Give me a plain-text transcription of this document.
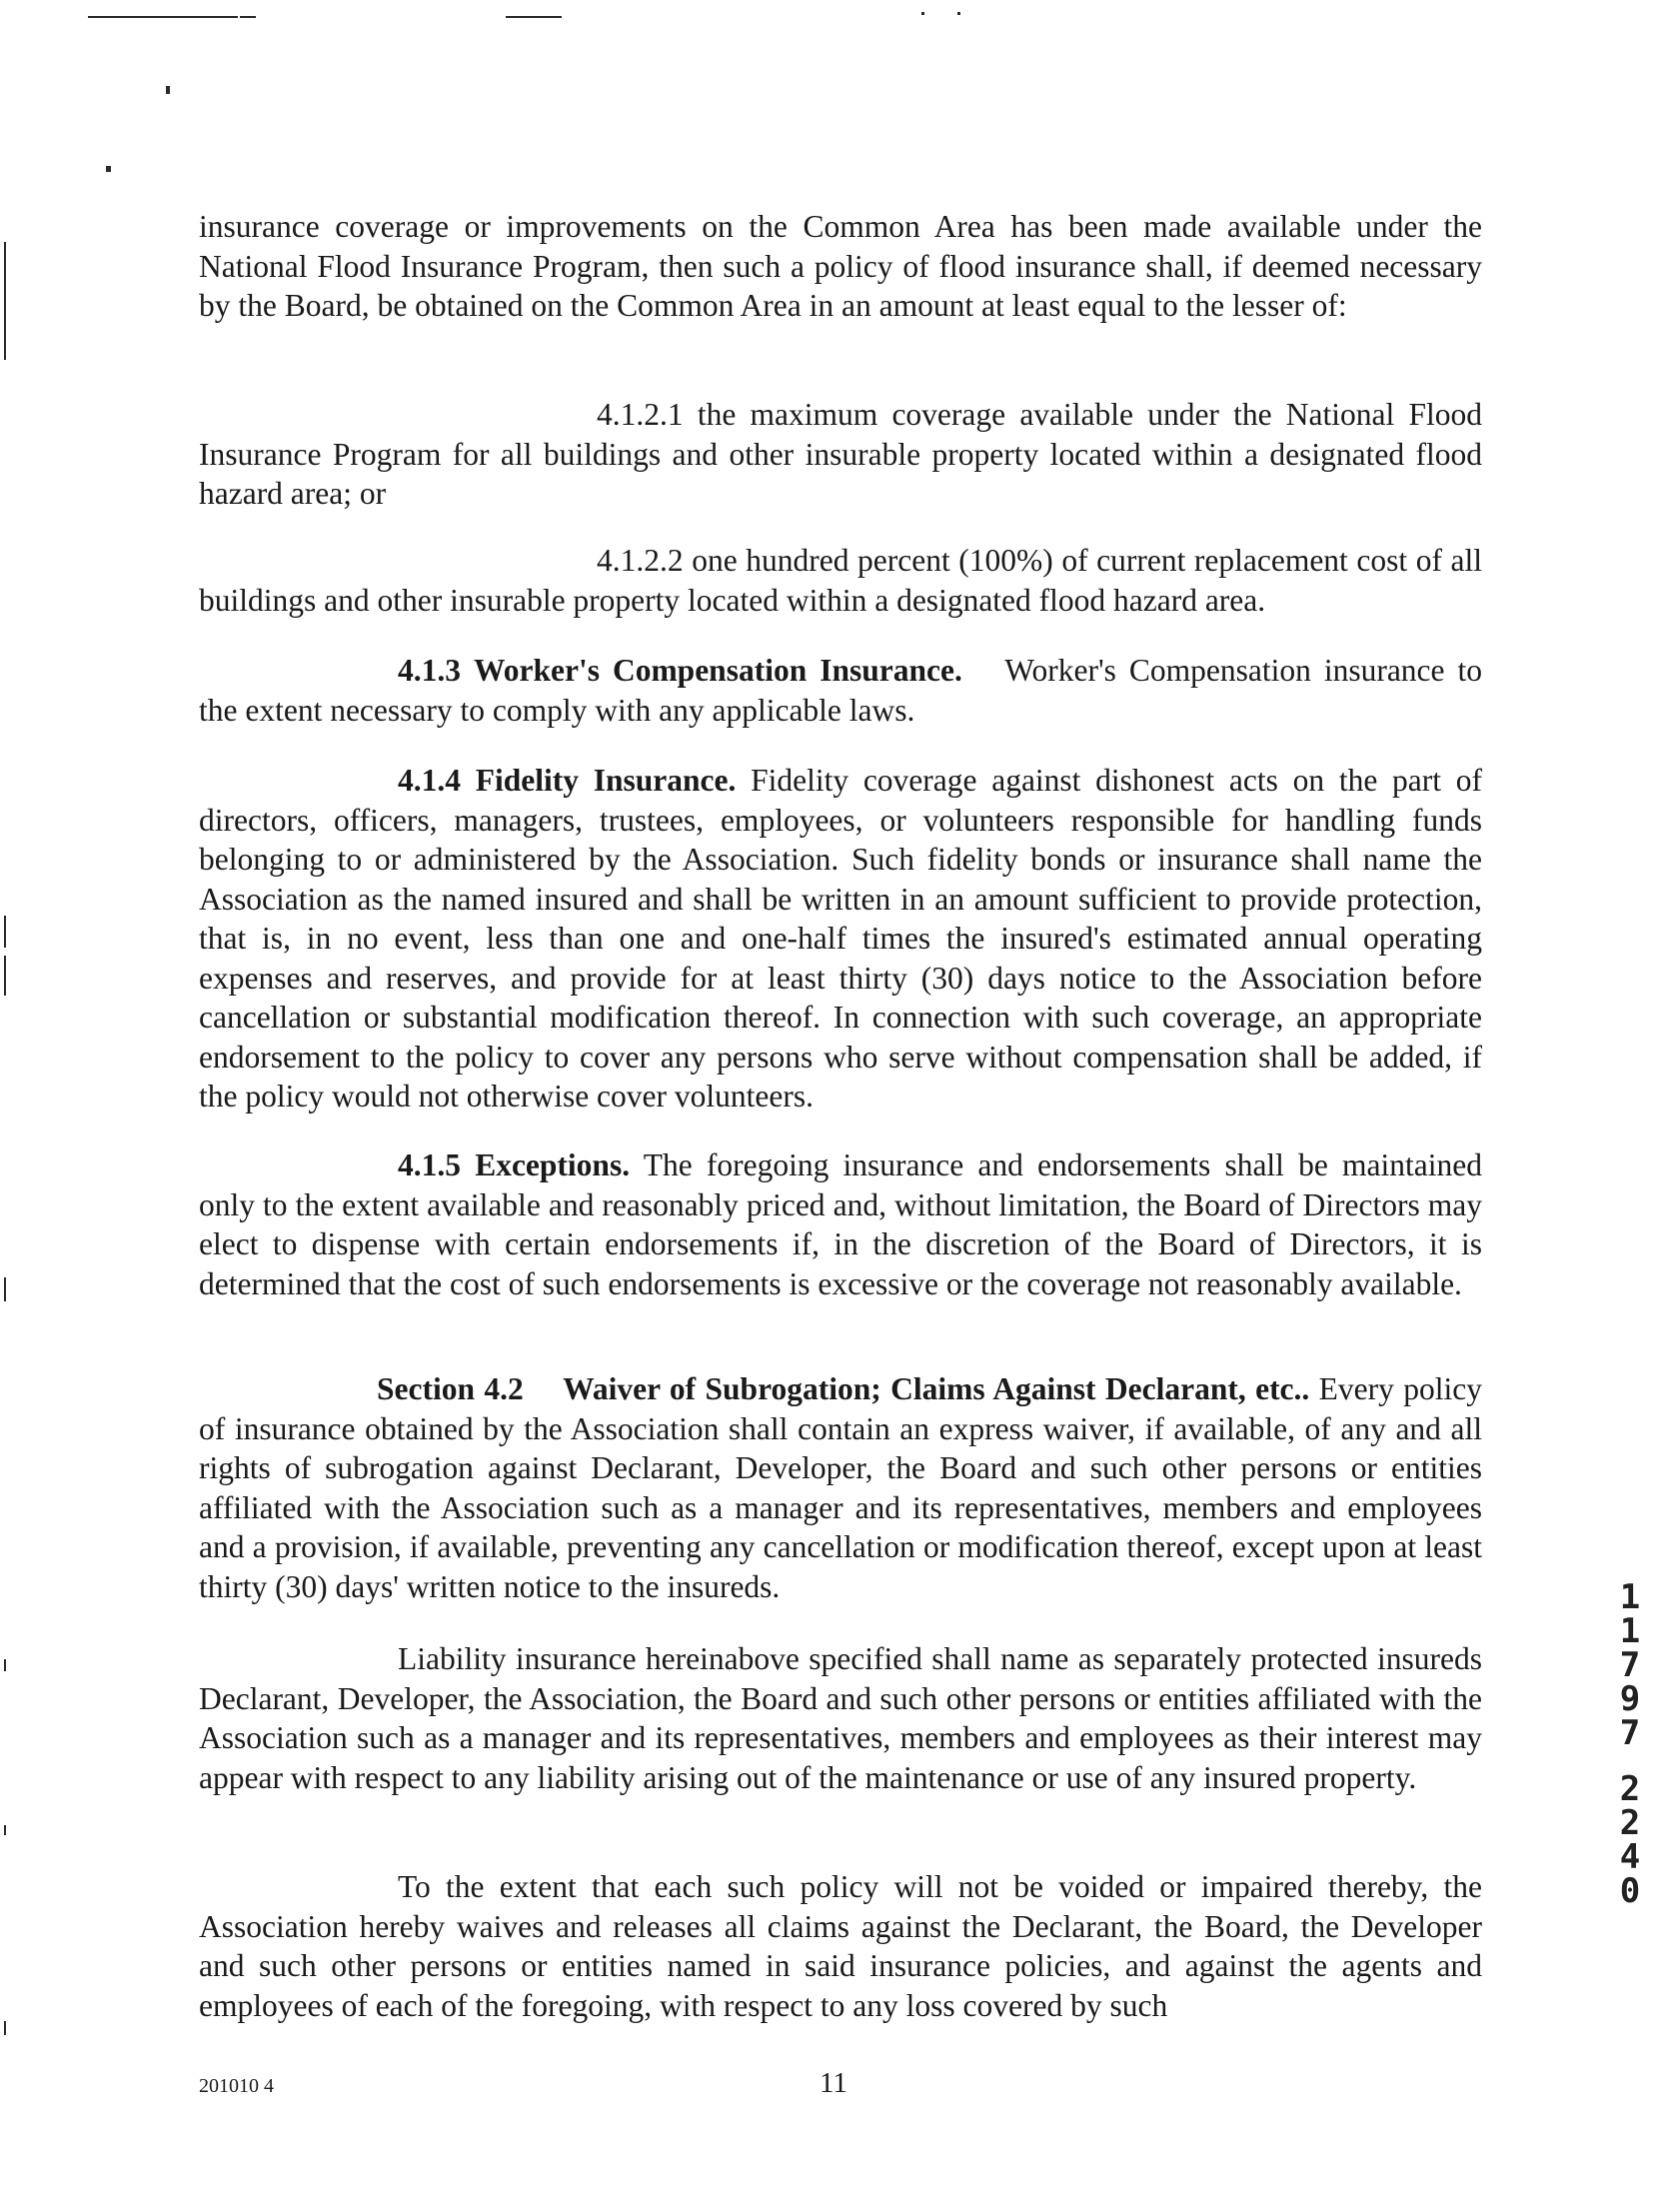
insurance coverage or improvements on the Common Area has been made available under the National Flood Insurance Program, then such a policy of flood insurance shall, if deemed necessary by the Board, be obtained on the Common Area in an amount at least equal to the lesser of:

4.1.2.1 the maximum coverage available under the National Flood Insurance Program for all buildings and other insurable property located within a designated flood hazard area; or

4.1.2.2 one hundred percent (100%) of current replacement cost of all buildings and other insurable property located within a designated flood hazard area.

4.1.3 Worker's Compensation Insurance. Worker's Compensation insurance to the extent necessary to comply with any applicable laws.

4.1.4 Fidelity Insurance. Fidelity coverage against dishonest acts on the part of directors, officers, managers, trustees, employees, or volunteers responsible for handling funds belonging to or administered by the Association. Such fidelity bonds or insurance shall name the Association as the named insured and shall be written in an amount sufficient to provide protection, that is, in no event, less than one and one-half times the insured's estimated annual operating expenses and reserves, and provide for at least thirty (30) days notice to the Association before cancellation or substantial modification thereof. In connection with such coverage, an appropriate endorsement to the policy to cover any persons who serve without compensation shall be added, if the policy would not otherwise cover volunteers.

4.1.5 Exceptions. The foregoing insurance and endorsements shall be maintained only to the extent available and reasonably priced and, without limitation, the Board of Directors may elect to dispense with certain endorsements if, in the discretion of the Board of Directors, it is determined that the cost of such endorsements is excessive or the coverage not reasonably available.

Section 4.2 Waiver of Subrogation; Claims Against Declarant, etc.. Every policy of insurance obtained by the Association shall contain an express waiver, if available, of any and all rights of subrogation against Declarant, Developer, the Board and such other persons or entities affiliated with the Association such as a manager and its representatives, members and employees and a provision, if available, preventing any cancellation or modification thereof, except upon at least thirty (30) days' written notice to the insureds.

Liability insurance hereinabove specified shall name as separately protected insureds Declarant, Developer, the Association, the Board and such other persons or entities affiliated with the Association such as a manager and its representatives, members and employees as their interest may appear with respect to any liability arising out of the maintenance or use of any insured property.

To the extent that each such policy will not be voided or impaired thereby, the Association hereby waives and releases all claims against the Declarant, the Board, the Developer and such other persons or entities named in said insurance policies, and against the agents and employees of each of the foregoing, with respect to any loss covered by such

201010 4	11
1
1
7
9
7
2
2
4
0
